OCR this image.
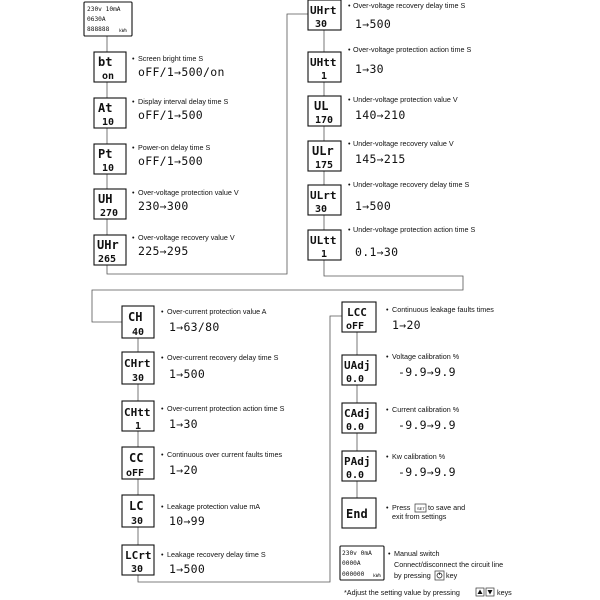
230v 10mA
0630A
888888 kWh
bt
on
• Screen bright time S
oFF/1→500/on
At
10
• Display interval delay time S
oFF/1→500
Pt
10
• Power-on delay time S
oFF/1→500
UH
270
• Over-voltage protection value V
230→300
UHr
265
• Over-voltage recovery value V
225→295
UHrt
30
• Over-voltage recovery delay time S
1→500
UHtt
1
• Over-voltage protection action time S
1→30
UL
170
• Under-voltage protection value V
140→210
ULr
175
• Under-voltage recovery value V
145→215
ULrt
30
• Under-voltage recovery delay time S
1→500
ULtt
1
• Under-voltage protection action time S
0.1→30
CH
40
• Over-current protection value A
1→63/80
CHrt
30
• Over-current recovery delay time S
1→500
CHtt
1
• Over-current protection action time S
1→30
CC
oFF
• Continuous over current faults times
1→20
LC
30
• Leakage protection value mA
10→99
LCrt
30
• Leakage recovery delay time S
1→500
LCC
oFF
• Continuous leakage faults times
1→20
UAdj
0.0
• Voltage calibration %
-9.9→9.9
CAdj
0.0
• Current calibration %
-9.9→9.9
PAdj
0.0
• Kw calibration %
-9.9→9.9
End	• Press SET to save and
exit from settings
230v 0mA
0000A
000000 kWh
• Manual switch
Connect/disconnect the circuit line
by pressing key
*Adjust the setting value by pressing	keys
